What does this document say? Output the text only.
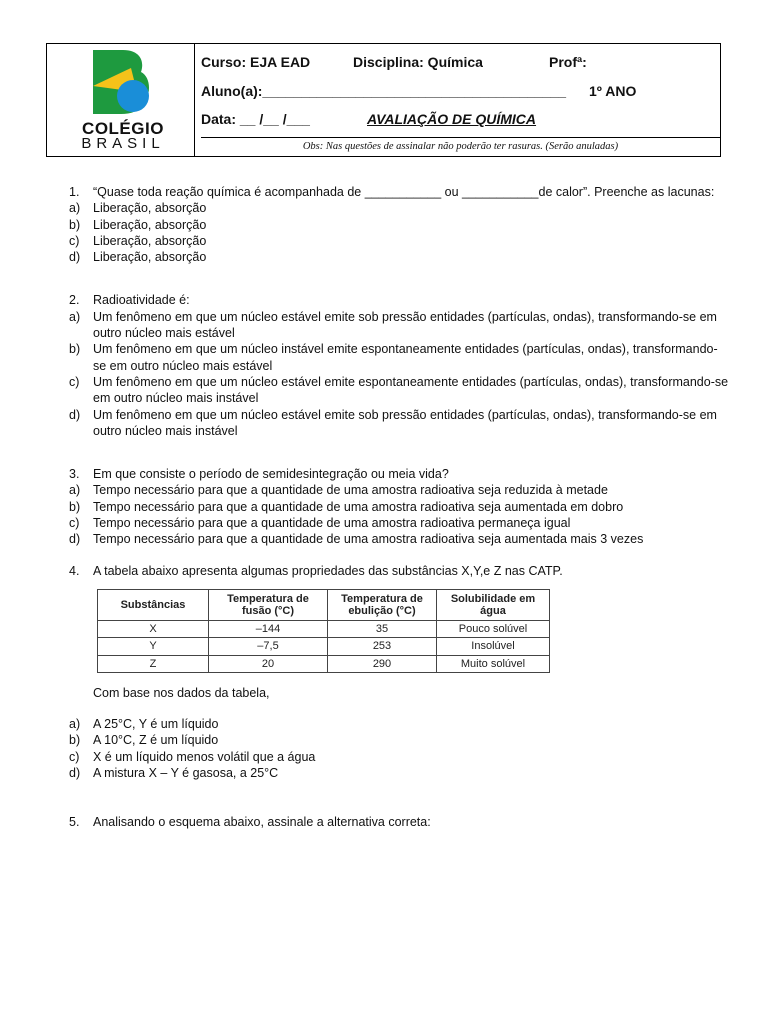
COLÉGIO
BRASIL
Curso: EJA EAD	Disciplina: Química	Profª:
Aluno(a):_______________________________________ 1º ANO
Data: __ /__ /___	AVALIAÇÃO DE QUÍMICA
Obs: Nas questões de assinalar não poderão ter rasuras. (Serão anuladas)
1.	“Quase toda reação química é acompanhada de ___________ ou ___________de calor”. Preenche as lacunas:
a)	Liberação, absorção
b)	Liberação, absorção
c)	Liberação, absorção
d)	Liberação, absorção
2.	Radioatividade é:
a)	Um fenômeno em que um núcleo estável emite sob pressão entidades (partículas, ondas), transformando-se em outro núcleo mais estável
b)	Um fenômeno em que um núcleo instável emite espontaneamente entidades (partículas, ondas), transformando-se em outro núcleo mais estável
c)	Um fenômeno em que um núcleo estável emite espontaneamente entidades (partículas, ondas), transformando-se em outro núcleo mais instável
d)	Um fenômeno em que um núcleo estável emite sob pressão entidades (partículas, ondas), transformando-se em outro núcleo mais instável
3.	Em que consiste o período de semidesintegração ou meia vida?
a)	Tempo necessário para que a quantidade de uma amostra radioativa seja reduzida à metade
b)	Tempo necessário para que a quantidade de uma amostra radioativa seja aumentada em dobro
c)	Tempo necessário para que a quantidade de uma amostra radioativa permaneça igual
d)	Tempo necessário para que a quantidade de uma amostra radioativa seja aumentada mais 3 vezes
4.	A tabela abaixo apresenta algumas propriedades das substâncias X,Y,e Z nas CATP.
Substâncias	Temperatura de fusão (°C)	Temperatura de ebulição (°C)	Solubilidade em água
X	–144	35	Pouco solúvel
Y	–7,5	253	Insolúvel
Z	20	290	Muito solúvel
Com base nos dados da tabela,
a)	A 25°C, Y é um líquido
b)	A 10°C, Z é um líquido
c)	X é um líquido menos volátil que a água
d)	A mistura X – Y é gasosa, a 25°C
5.	Analisando o esquema abaixo, assinale a alternativa correta:
